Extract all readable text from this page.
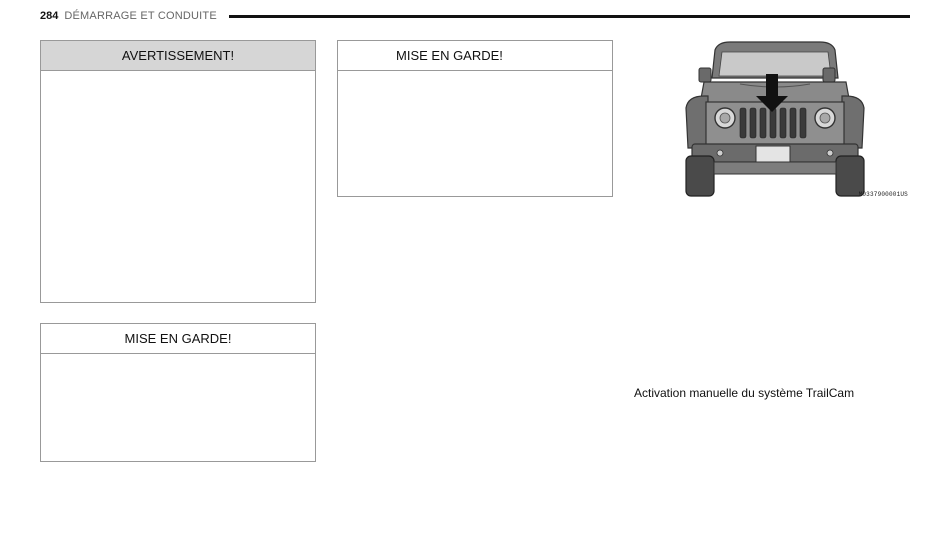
284 DÉMARRAGE ET CONDUITE
AVERTISSEMENT!
MISE EN GARDE!
MISE EN GARDE!
M0337900001US
Activation manuelle du système TrailCam
